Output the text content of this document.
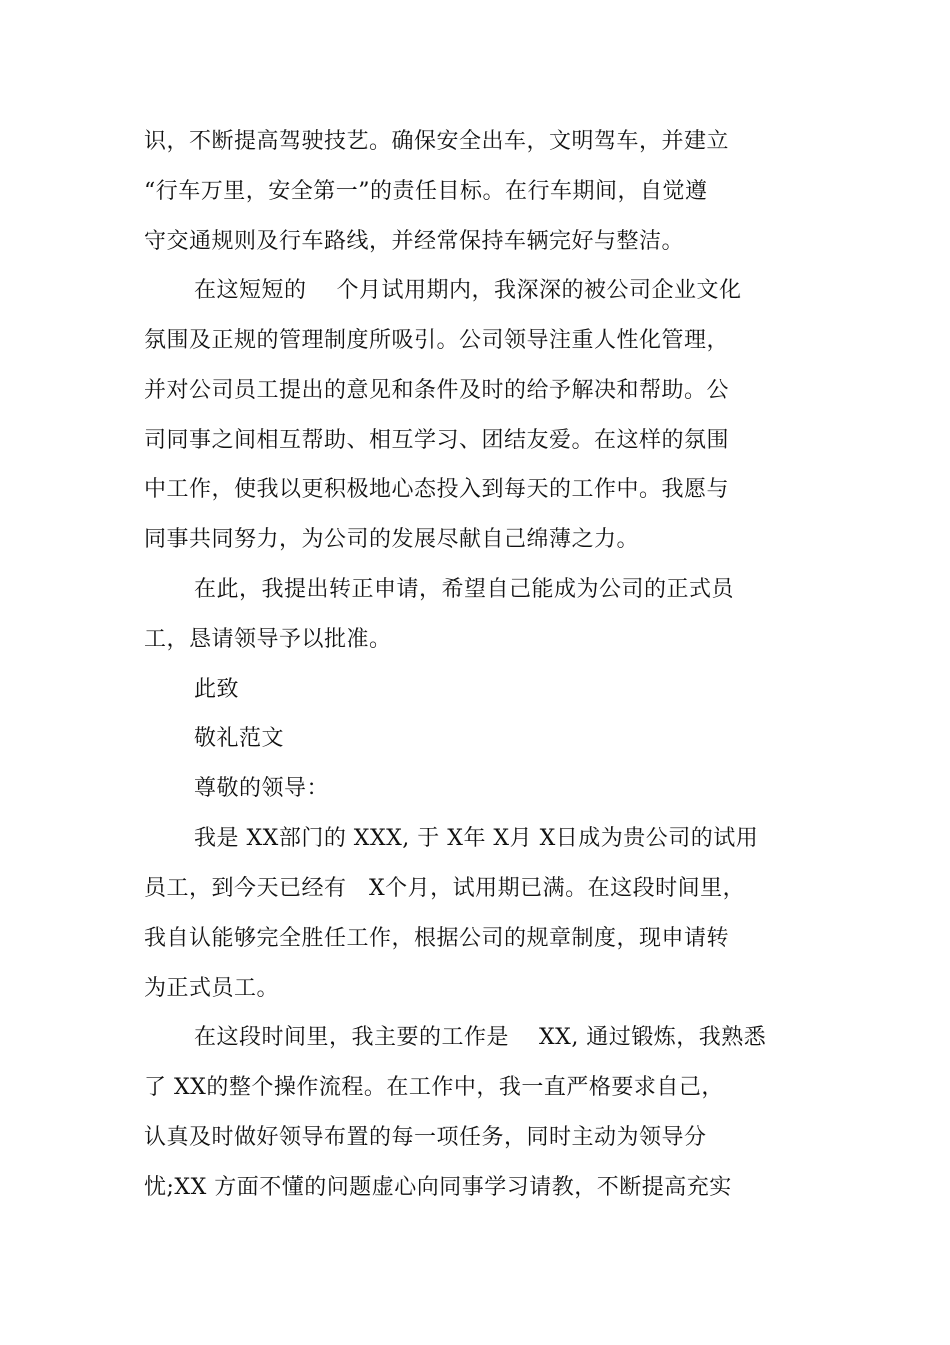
识，不断提高驾驶技艺。确保安全出车，文明驾车，并建立
“行车万里，安全第一”的责任目标。在行车期间，自觉遵
守交通规则及行车路线，并经常保持车辆完好与整洁。
在这短短的　 个月试用期内，我深深的被公司企业文化
氛围及正规的管理制度所吸引。公司领导注重人性化管理，
并对公司员工提出的意见和条件及时的给予解决和帮助。公
司同事之间相互帮助、相互学习、团结友爱。在这样的氛围
中工作，使我以更积极地心态投入到每天的工作中。我愿与
同事共同努力，为公司的发展尽献自己绵薄之力。
在此，我提出转正申请，希望自己能成为公司的正式员
工，恳请领导予以批准。
此致
敬礼范文
尊敬的领导：
我是 XX部门的 XXX, 于 X年 X月 X日成为贵公司的试用
员工，到今天已经有　X个月，试用期已满。在这段时间里，
我自认能够完全胜任工作，根据公司的规章制度，现申请转
为正式员工。
在这段时间里，我主要的工作是　 XX, 通过锻炼，我熟悉
了 XX的整个操作流程。在工作中，我一直严格要求自己，
认真及时做好领导布置的每一项任务，同时主动为领导分
忧;XX 方面不懂的问题虚心向同事学习请教，不断提高充实
